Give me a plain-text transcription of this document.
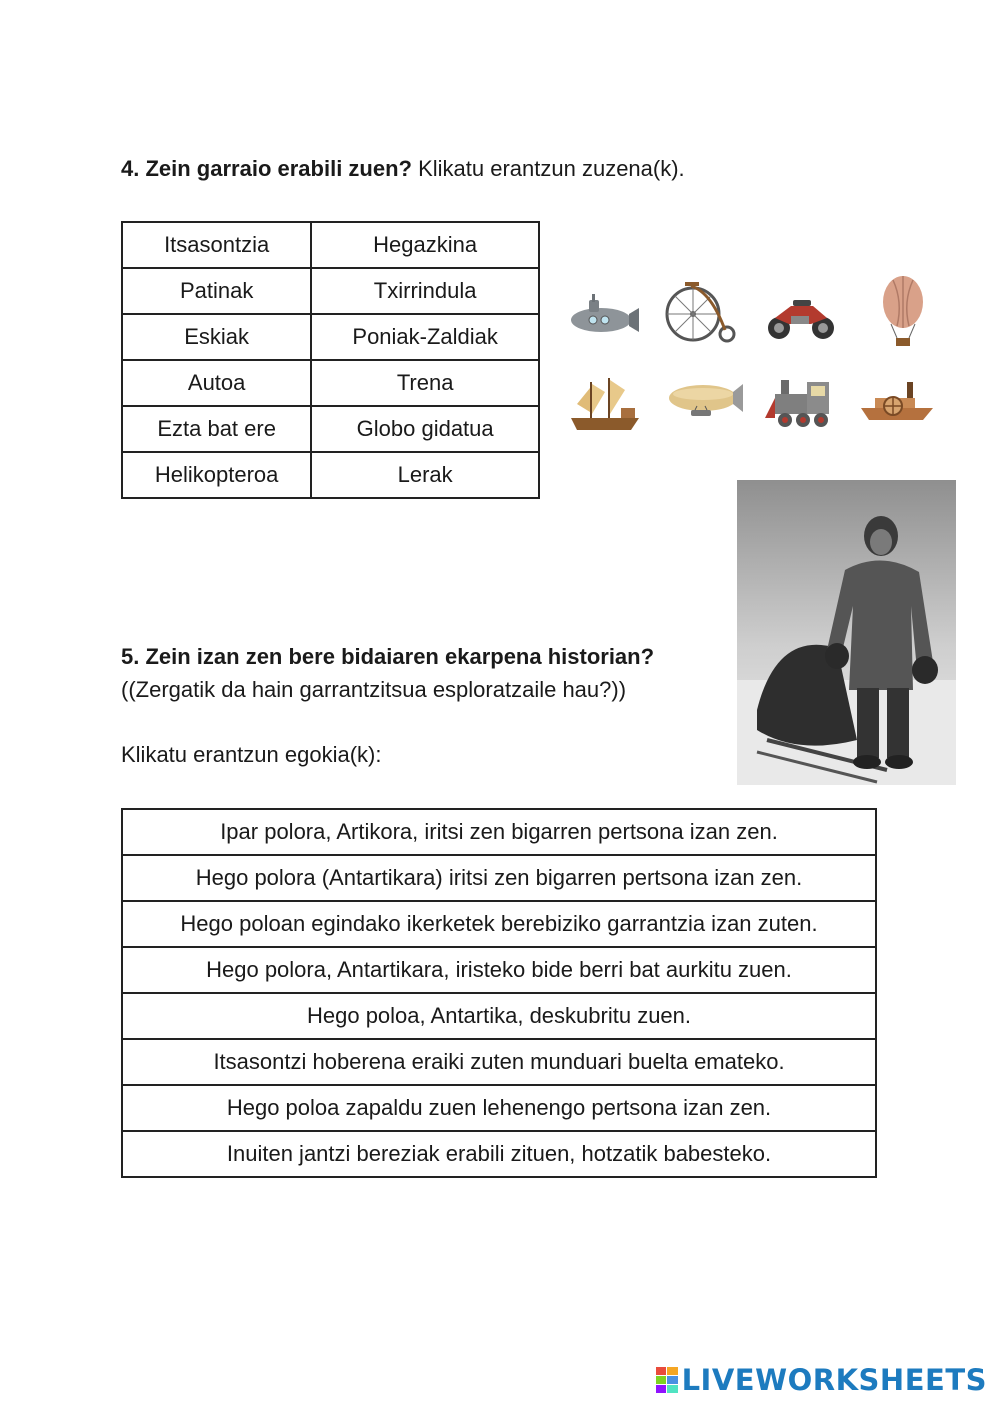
4. Zein garraio erabili zuen? Klikatu erantzun zuzena(k).
Itsasontzia	Hegazkina
Patinak	Txirrindula
Eskiak	Poniak-Zaldiak
Autoa	Trena
Ezta bat ere	Globo gidatua
Helikopteroa	Lerak
5. Zein izan zen bere bidaiaren ekarpena historian?
((Zergatik da hain garrantzitsua esploratzaile hau?))
Klikatu erantzun egokia(k):
Ipar polora, Artikora, iritsi zen bigarren pertsona izan zen.
Hego polora (Antartikara) iritsi zen bigarren pertsona izan zen.
Hego poloan egindako ikerketek berebiziko garrantzia izan zuten.
Hego polora, Antartikara, iristeko bide berri bat aurkitu zuen.
Hego poloa, Antartika, deskubritu zuen.
Itsasontzi hoberena eraiki zuten munduari buelta emateko.
Hego poloa zapaldu zuen lehenengo pertsona izan zen.
Inuiten jantzi bereziak erabili zituen, hotzatik babesteko.
LIVEWORKSHEETS
